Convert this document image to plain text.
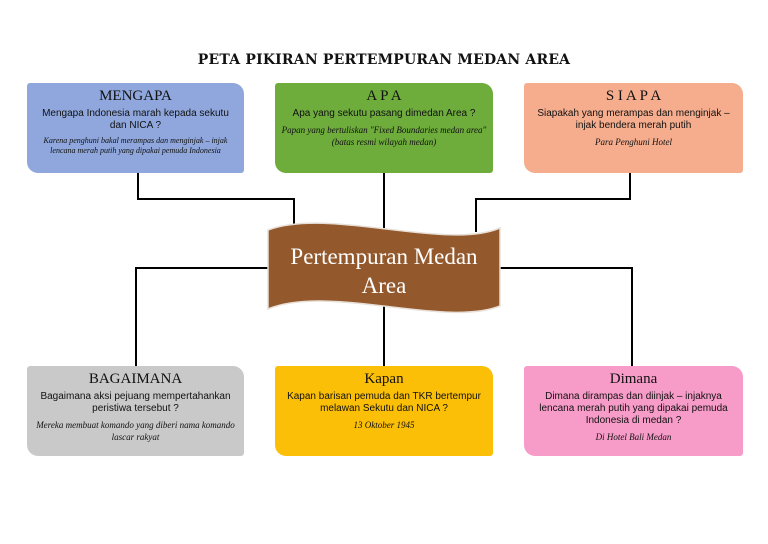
PETA PIKIRAN PERTEMPURAN MEDAN AREA
Pertempuran Medan Area
MENGAPA
Mengapa Indonesia marah kepada sekutu dan NICA ?
Karena penghuni bakal merampas dan menginjak – injak lencana merah putih yang dipakai pemuda Indonesia
A P A
Apa yang sekutu pasang dimedan Area ?
Papan yang bertuliskan "Fixed Boundaries medan area" (batas resmi wilayah medan)
S I A P A
Siapakah yang merampas dan menginjak – injak bendera merah putih
Para Penghuni Hotel
BAGAIMANA
Bagaimana aksi pejuang mempertahankan peristiwa tersebut ?
Mereka membuat komando yang diberi nama komando lascar rakyat
Kapan
Kapan barisan pemuda dan TKR bertempur melawan Sekutu dan NICA ?
13 Oktober 1945
Dimana
Dimana dirampas dan diinjak – injaknya lencana merah putih yang dipakai pemuda Indonesia di medan ?
Di Hotel Bali Medan
